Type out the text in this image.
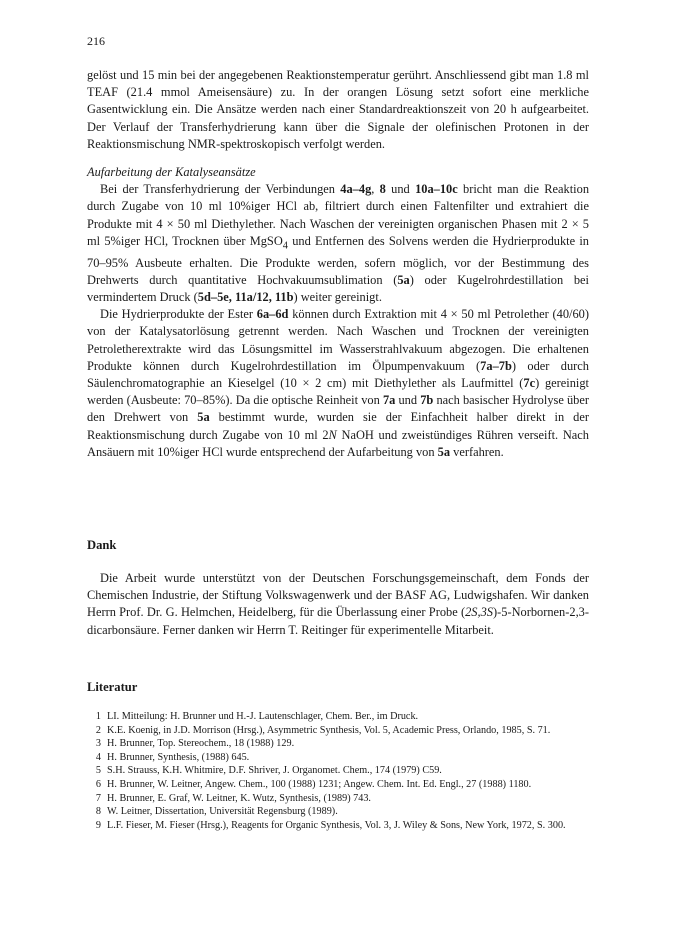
216

gelöst und 15 min bei der angegebenen Reaktionstemperatur gerührt. Anschliessend gibt man 1.8 ml TEAF (21.4 mmol Ameisensäure) zu. In der orangen Lösung setzt sofort eine merkliche Gasentwicklung ein. Die Ansätze werden nach einer Standardreaktionszeit von 20 h aufgearbeitet. Der Verlauf der Transferhydrierung kann über die Signale der olefinischen Protonen in der Reaktionsmischung NMR-spektroskopisch verfolgt werden.

Aufarbeitung der Katalyseansätze

Bei der Transferhydrierung der Verbindungen 4a–4g, 8 und 10a–10c bricht man die Reaktion durch Zugabe von 10 ml 10%iger HCl ab, filtriert durch einen Faltenfilter und extrahiert die Produkte mit 4 × 50 ml Diethylether. Nach Waschen der vereinigten organischen Phasen mit 2 × 5 ml 5%iger HCl, Trocknen über MgSO$_4$ und Entfernen des Solvens werden die Hydrierprodukte in 70–95% Ausbeute erhalten. Die Produkte werden, sofern möglich, vor der Bestimmung des Drehwerts durch quantitative Hochvakuumsublimation (5a) oder Kugelrohrdestillation bei vermindertem Druck (5d–5e, 11a/12, 11b) weiter gereinigt.

Die Hydrierprodukte der Ester 6a–6d können durch Extraktion mit 4 × 50 ml Petrolether (40/60) von der Katalysatorlösung getrennt werden. Nach Waschen und Trocknen der vereinigten Petroletherextrakte wird das Lösungsmittel im Wasserstrahlvakuum abgezogen. Die erhaltenen Produkte können durch Kugelrohrdestillation im Ölpumpenvakuum (7a–7b) oder durch Säulenchromatographie an Kieselgel (10 × 2 cm) mit Diethylether als Laufmittel (7c) gereinigt werden (Ausbeute: 70–85%). Da die optische Reinheit von 7a und 7b nach basischer Hydrolyse über den Drehwert von 5a bestimmt wurde, wurden sie der Einfachheit halber direkt in der Reaktionsmischung durch Zugabe von 10 ml 2N NaOH und zweistündiges Rühren verseift. Nach Ansäuern mit 10%iger HCl wurde entsprechend der Aufarbeitung von 5a verfahren.

Dank

Die Arbeit wurde unterstützt von der Deutschen Forschungsgemeinschaft, dem Fonds der Chemischen Industrie, der Stiftung Volkswagenwerk und der BASF AG, Ludwigshafen. Wir danken Herrn Prof. Dr. G. Helmchen, Heidelberg, für die Überlassung einer Probe (2S,3S)-5-Norbornen-2,3-dicarbonsäure. Ferner danken wir Herrn T. Reitinger für experimentelle Mitarbeit.

Literatur
1 LI. Mitteilung: H. Brunner und H.-J. Lautenschlager, Chem. Ber., im Druck.
2 K.E. Koenig, in J.D. Morrison (Hrsg.), Asymmetric Synthesis, Vol. 5, Academic Press, Orlando, 1985, S. 71.
3 H. Brunner, Top. Stereochem., 18 (1988) 129.
4 H. Brunner, Synthesis, (1988) 645.
5 S.H. Strauss, K.H. Whitmire, D.F. Shriver, J. Organomet. Chem., 174 (1979) C59.
6 H. Brunner, W. Leitner, Angew. Chem., 100 (1988) 1231; Angew. Chem. Int. Ed. Engl., 27 (1988) 1180.
7 H. Brunner, E. Graf, W. Leitner, K. Wutz, Synthesis, (1989) 743.
8 W. Leitner, Dissertation, Universität Regensburg (1989).
9 L.F. Fieser, M. Fieser (Hrsg.), Reagents for Organic Synthesis, Vol. 3, J. Wiley & Sons, New York, 1972, S. 300.
